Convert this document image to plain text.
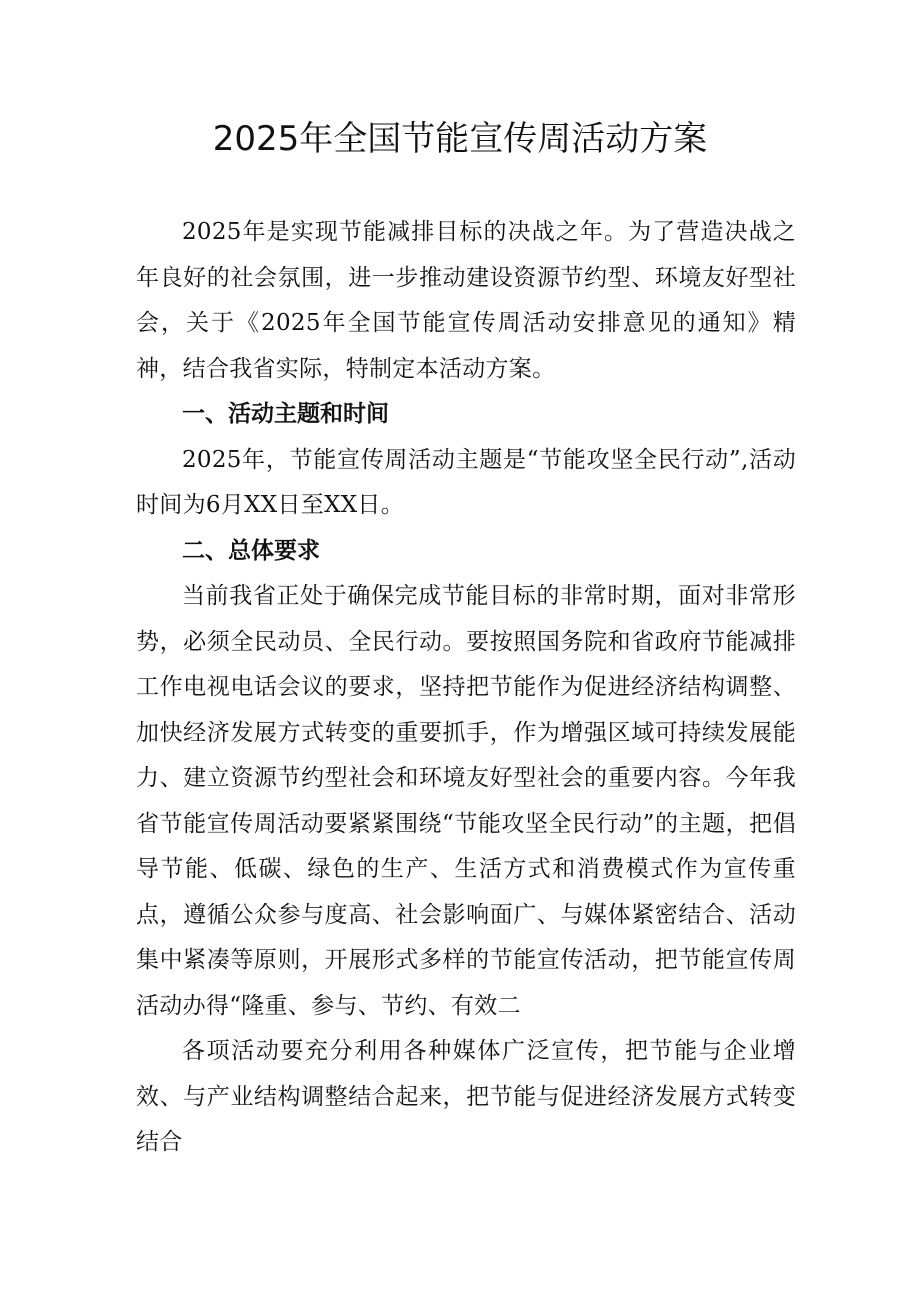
2025年全国节能宣传周活动方案

2025年是实现节能减排目标的决战之年。为了营造决战之年良好的社会氛围，进一步推动建设资源节约型、环境友好型社会，关于《2025年全国节能宣传周活动安排意见的通知》精神，结合我省实际，特制定本活动方案。

一、活动主题和时间

2025年，节能宣传周活动主题是“节能攻坚全民行动”,活动时间为6月XX日至XX日。

二、总体要求

当前我省正处于确保完成节能目标的非常时期，面对非常形势，必须全民动员、全民行动。要按照国务院和省政府节能减排工作电视电话会议的要求，坚持把节能作为促进经济结构调整、加快经济发展方式转变的重要抓手，作为增强区域可持续发展能力、建立资源节约型社会和环境友好型社会的重要内容。今年我省节能宣传周活动要紧紧围绕“节能攻坚全民行动”的主题，把倡导节能、低碳、绿色的生产、生活方式和消费模式作为宣传重点，遵循公众参与度高、社会影响面广、与媒体紧密结合、活动集中紧凑等原则，开展形式多样的节能宣传活动，把节能宣传周活动办得“隆重、参与、节约、有效二

各项活动要充分利用各种媒体广泛宣传，把节能与企业增效、与产业结构调整结合起来，把节能与促进经济发展方式转变结合
